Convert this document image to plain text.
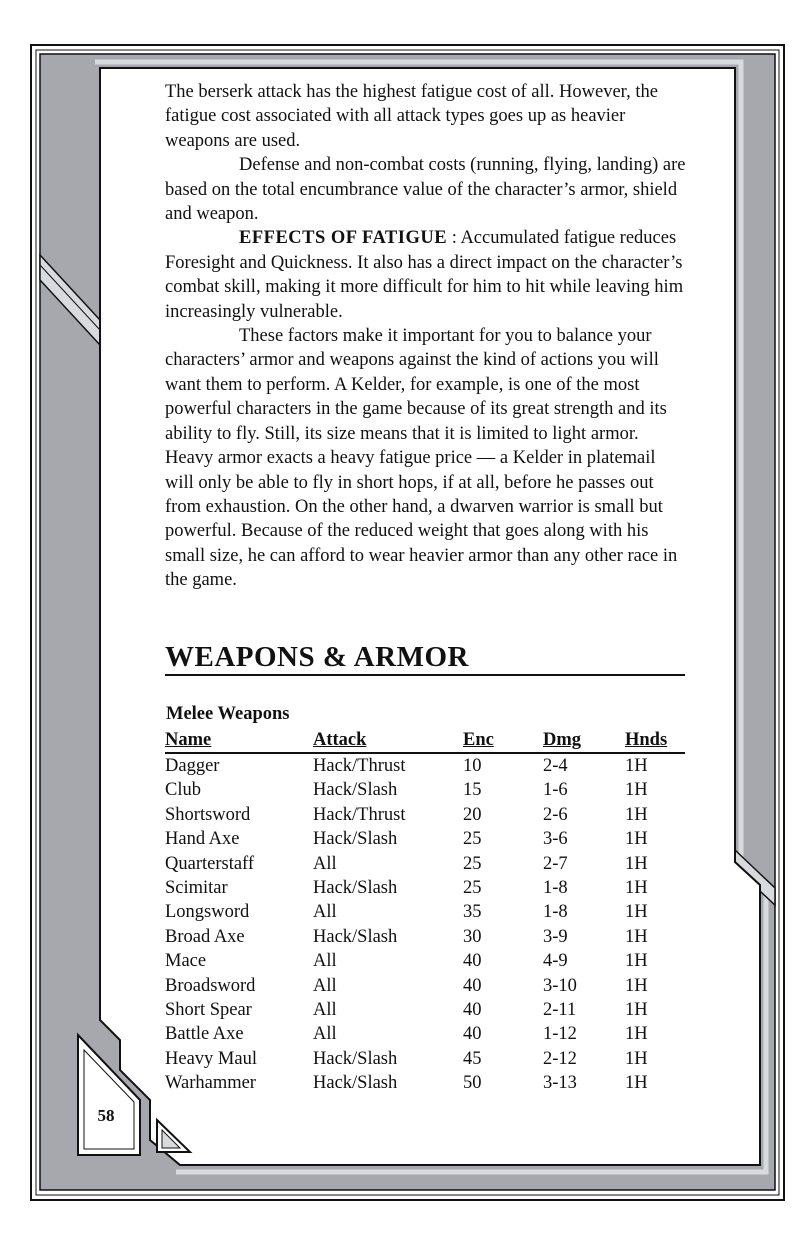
The berserk attack has the highest fatigue cost of all. However, the fatigue cost associated with all attack types goes up as heavier weapons are used.

Defense and non-combat costs (running, flying, landing) are based on the total encumbrance value of the character’s armor, shield and weapon.

EFFECTS OF FATIGUE : Accumulated fatigue reduces Foresight and Quickness. It also has a direct impact on the character’s combat skill, making it more difficult for him to hit while leaving him increasingly vulnerable.

These factors make it important for you to balance your characters’ armor and weapons against the kind of actions you will want them to perform. A Kelder, for example, is one of the most powerful characters in the game because of its great strength and its ability to fly. Still, its size means that it is limited to light armor. Heavy armor exacts a heavy fatigue price — a Kelder in platemail will only be able to fly in short hops, if at all, before he passes out from exhaustion. On the other hand, a dwarven warrior is small but powerful. Because of the reduced weight that goes along with his small size, he can afford to wear heavier armor than any other race in the game.

WEAPONS & ARMOR
Melee Weapons
Name	Attack	Enc	Dmg	Hnds
Dagger	Hack/Thrust	10	2-4	1H
Club	Hack/Slash	15	1-6	1H
Shortsword	Hack/Thrust	20	2-6	1H
Hand Axe	Hack/Slash	25	3-6	1H
Quarterstaff	All	25	2-7	1H
Scimitar	Hack/Slash	25	1-8	1H
Longsword	All	35	1-8	1H
Broad Axe	Hack/Slash	30	3-9	1H
Mace	All	40	4-9	1H
Broadsword	All	40	3-10	1H
Short Spear	All	40	2-11	1H
Battle Axe	All	40	1-12	1H
Heavy Maul	Hack/Slash	45	2-12	1H
Warhammer	Hack/Slash	50	3-13	1H
58
